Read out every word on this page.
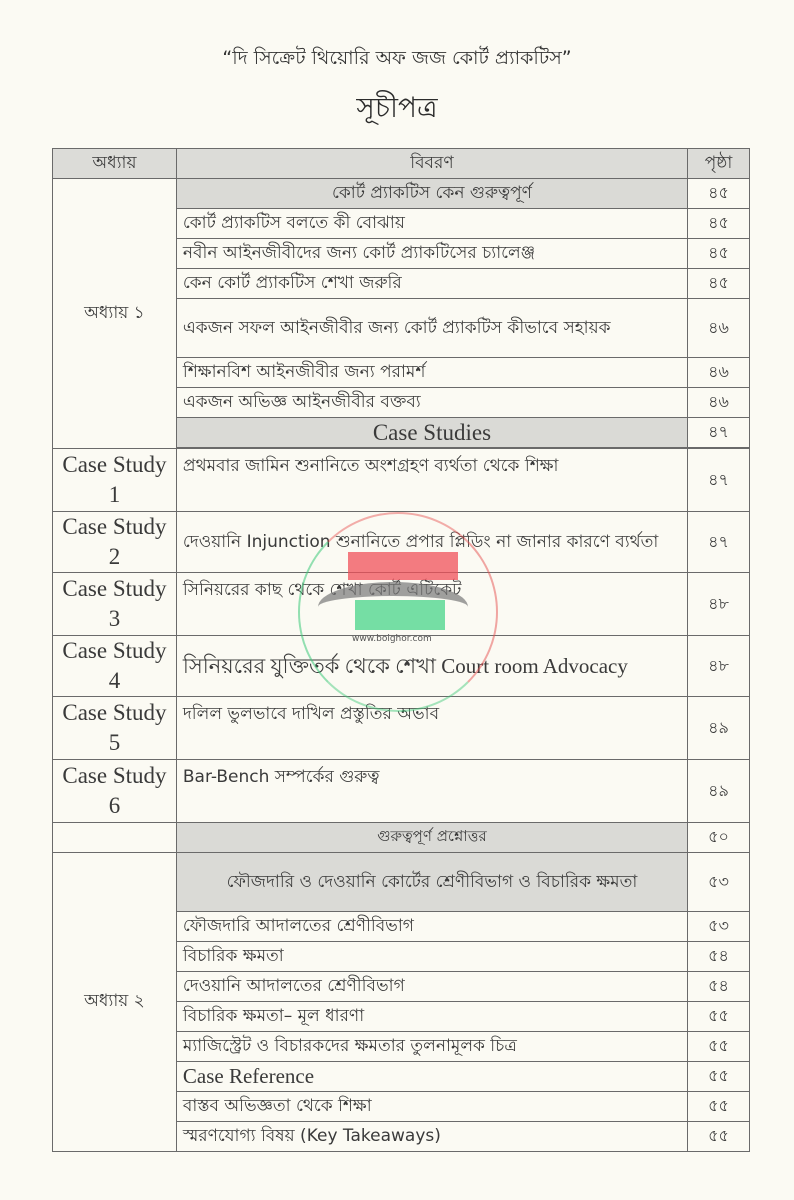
“দি সিক্রেট থিয়োরি অফ জজ কোর্ট প্র্যাকটিস”
সূচীপত্র
অধ্যায়	বিবরণ	পৃষ্ঠা
অধ্যায় ১	কোর্ট প্র্যাকটিস কেন গুরুত্বপূর্ণ	৪৫
	কোর্ট প্র্যাকটিস বলতে কী বোঝায়	৪৫
	নবীন আইনজীবীদের জন্য কোর্ট প্র্যাকটিসের চ্যালেঞ্জ	৪৫
	কেন কোর্ট প্র্যাকটিস শেখা জরুরি	৪৫
	একজন সফল আইনজীবীর জন্য কোর্ট প্র্যাকটিস কীভাবে সহায়ক	৪৬
	শিক্ষানবিশ আইনজীবীর জন্য পরামর্শ	৪৬
	একজন অভিজ্ঞ আইনজীবীর বক্তব্য	৪৬
	Case Studies	৪৭

Case Study 1	প্রথমবার জামিন শুনানিতে অংশগ্রহণ ব্যর্থতা থেকে শিক্ষা	৪৭
Case Study 2	দেওয়ানি Injunction শুনানিতে প্রপার প্লিডিং না জানার কারণে ব্যর্থতা	৪৭
Case Study 3	সিনিয়রের কাছ থেকে শেখা কোর্ট এটিকেট	৪৮
Case Study 4	সিনিয়রের যুক্তিতর্ক থেকে শেখা Court room Advocacy	৪৮
Case Study 5	দলিল ভুলভাবে দাখিল প্রস্তুতির অভাব	৪৯
Case Study 6	Bar-Bench সম্পর্কের গুরুত্ব	৪৯
	গুরুত্বপূর্ণ প্রশ্নোত্তর	৫০
অধ্যায় ২	ফৌজদারি ও দেওয়ানি কোর্টের শ্রেণীবিভাগ ও বিচারিক ক্ষমতা	৫৩
	ফৌজদারি আদালতের শ্রেণীবিভাগ	৫৩
	বিচারিক ক্ষমতা	৫৪
	দেওয়ানি আদালতের শ্রেণীবিভাগ	৫৪
	বিচারিক ক্ষমতা– মূল ধারণা	৫৫
	ম্যাজিস্ট্রেট ও বিচারকদের ক্ষমতার তুলনামূলক চিত্র	৫৫
	Case Reference	৫৫
	বাস্তব অভিজ্ঞতা থেকে শিক্ষা	৫৫
	স্মরণযোগ্য বিষয় (Key Takeaways)	৫৫
www.boighor.com
